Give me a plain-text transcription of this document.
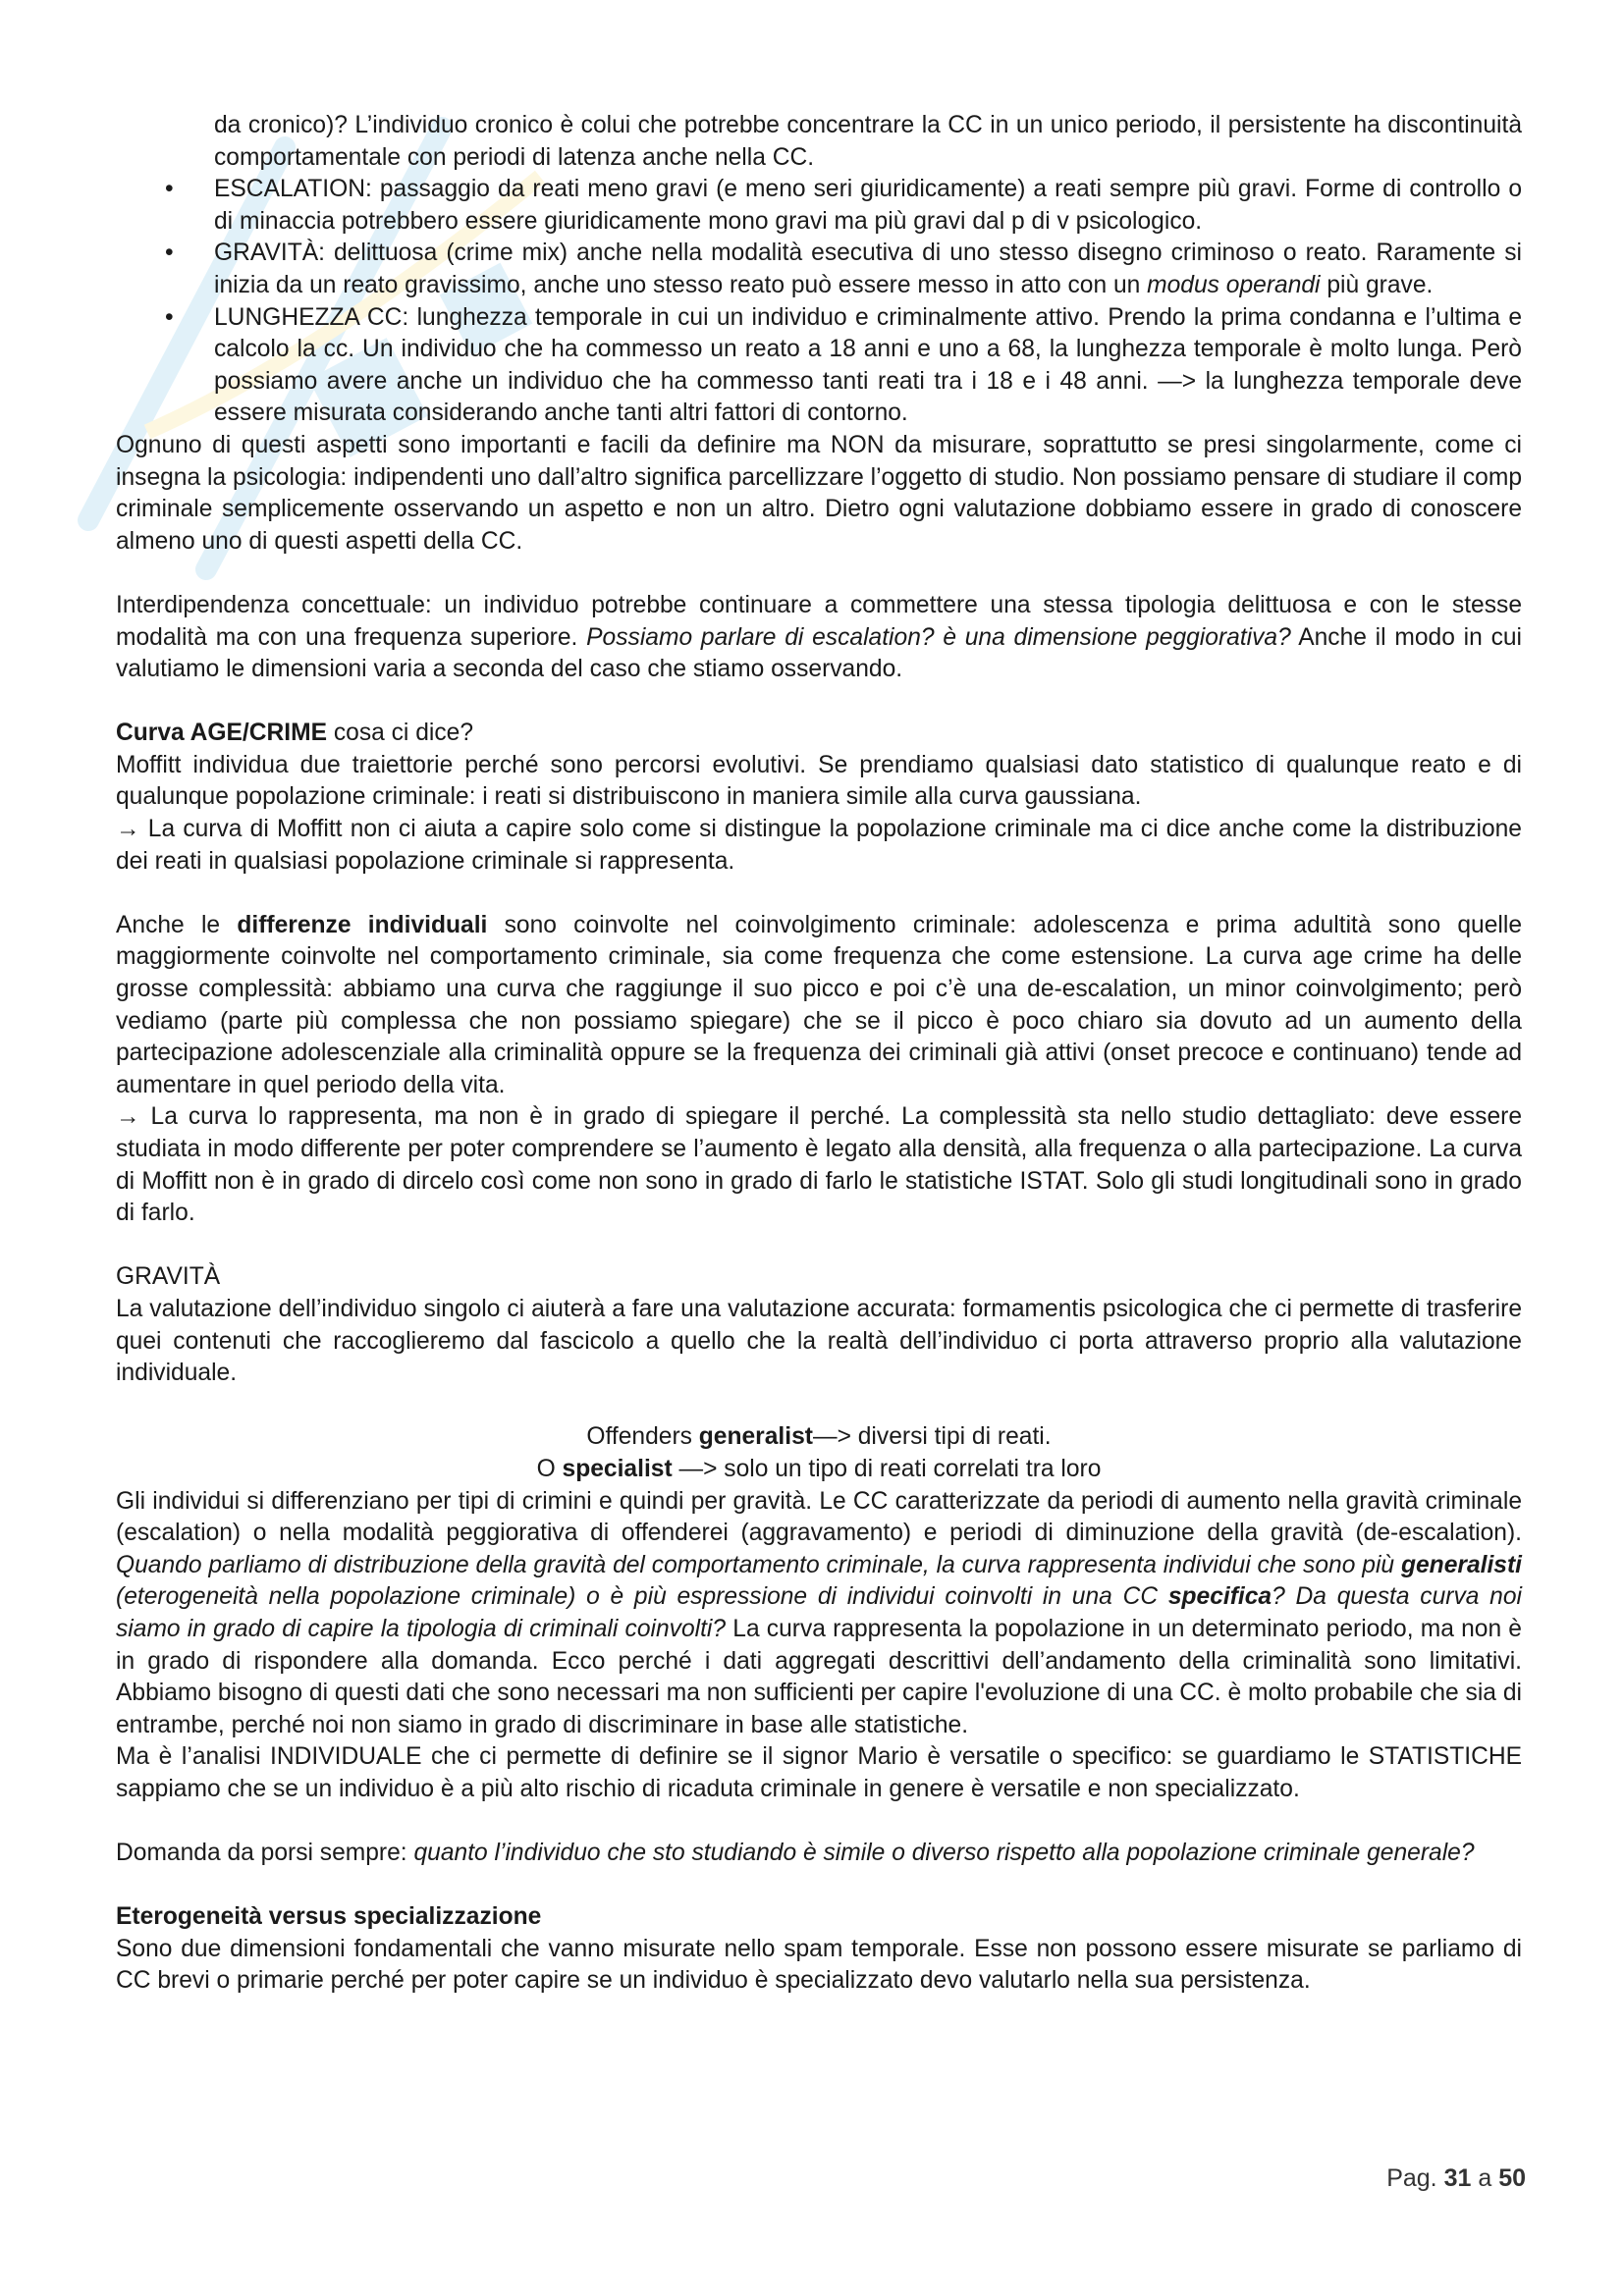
da cronico)? L’individuo cronico è colui che potrebbe concentrare la CC in un unico periodo, il persistente ha discontinuità comportamentale con periodi di latenza anche nella CC.

• ESCALATION: passaggio da reati meno gravi (e meno seri giuridicamente) a reati sempre più gravi. Forme di controllo o di minaccia potrebbero essere giuridicamente mono gravi ma più gravi dal p di v psicologico.
• GRAVITÀ: delittuosa (crime mix) anche nella modalità esecutiva di uno stesso disegno criminoso o reato. Raramente si inizia da un reato gravissimo, anche uno stesso reato può essere messo in atto con un modus operandi più grave.
• LUNGHEZZA CC: lunghezza temporale in cui un individuo e criminalmente attivo. Prendo la prima condanna e l’ultima e calcolo la cc. Un individuo che ha commesso un reato a 18 anni e uno a 68, la lunghezza temporale è molto lunga. Però possiamo avere anche un individuo che ha commesso tanti reati tra i 18 e i 48 anni. —> la lunghezza temporale deve essere misurata considerando anche tanti altri fattori di contorno.

Ognuno di questi aspetti sono importanti e facili da definire ma NON da misurare, soprattutto se presi singolarmente, come ci insegna la psicologia: indipendenti uno dall’altro significa parcellizzare l’oggetto di studio. Non possiamo pensare di studiare il comp criminale semplicemente osservando un aspetto e non un altro. Dietro ogni valutazione dobbiamo essere in grado di conoscere almeno uno di questi aspetti della CC.

Interdipendenza concettuale: un individuo potrebbe continuare a commettere una stessa tipologia delittuosa e con le stesse modalità ma con una frequenza superiore. Possiamo parlare di escalation? è una dimensione peggiorativa? Anche il modo in cui valutiamo le dimensioni varia a seconda del caso che stiamo osservando.

Curva AGE/CRIME cosa ci dice?

Moffitt individua due traiettorie perché sono percorsi evolutivi. Se prendiamo qualsiasi dato statistico di qualunque reato e di qualunque popolazione criminale: i reati si distribuiscono in maniera simile alla curva gaussiana.

→ La curva di Moffitt non ci aiuta a capire solo come si distingue la popolazione criminale ma ci dice anche come la distribuzione dei reati in qualsiasi popolazione criminale si rappresenta.

Anche le differenze individuali sono coinvolte nel coinvolgimento criminale: adolescenza e prima adultità sono quelle maggiormente coinvolte nel comportamento criminale, sia come frequenza che come estensione. La curva age crime ha delle grosse complessità: abbiamo una curva che raggiunge il suo picco e poi c’è una de-escalation, un minor coinvolgimento; però vediamo (parte più complessa che non possiamo spiegare) che se il picco è poco chiaro sia dovuto ad un aumento della partecipazione adolescenziale alla criminalità oppure se la frequenza dei criminali già attivi (onset precoce e continuano) tende ad aumentare in quel periodo della vita.

→ La curva lo rappresenta, ma non è in grado di spiegare il perché. La complessità sta nello studio dettagliato: deve essere studiata in modo differente per poter comprendere se l’aumento è legato alla densità, alla frequenza o alla partecipazione. La curva di Moffitt non è in grado di dircelo così come non sono in grado di farlo le statistiche ISTAT. Solo gli studi longitudinali sono in grado di farlo.

GRAVITÀ

La valutazione dell’individuo singolo ci aiuterà a fare una valutazione accurata: formamentis psicologica che ci permette di trasferire quei contenuti che raccoglieremo dal fascicolo a quello che la realtà dell’individuo ci porta attraverso proprio alla valutazione individuale.

Offenders generalist—> diversi tipi di reati.

O specialist —> solo un tipo di reati correlati tra loro

Gli individui si differenziano per tipi di crimini e quindi per gravità. Le CC caratterizzate da periodi di aumento nella gravità criminale (escalation) o nella modalità peggiorativa di offenderei (aggravamento) e periodi di diminuzione della gravità (de-escalation). Quando parliamo di distribuzione della gravità del comportamento criminale, la curva rappresenta individui che sono più generalisti (eterogeneità nella popolazione criminale) o è più espressione di individui coinvolti in una CC specifica? Da questa curva noi siamo in grado di capire la tipologia di criminali coinvolti? La curva rappresenta la popolazione in un determinato periodo, ma non è in grado di rispondere alla domanda. Ecco perché i dati aggregati descrittivi dell’andamento della criminalità sono limitativi. Abbiamo bisogno di questi dati che sono necessari ma non sufficienti per capire l'evoluzione di una CC. è molto probabile che sia di entrambe, perché noi non siamo in grado di discriminare in base alle statistiche.

Ma è l’analisi INDIVIDUALE che ci permette di definire se il signor Mario è versatile o specifico: se guardiamo le STATISTICHE sappiamo che se un individuo è a più alto rischio di ricaduta criminale in genere è versatile e non specializzato.

Domanda da porsi sempre: quanto l’individuo che sto studiando è simile o diverso rispetto alla popolazione criminale generale?

Eterogeneità versus specializzazione

Sono due dimensioni fondamentali che vanno misurate nello spam temporale. Esse non possono essere misurate se parliamo di CC brevi o primarie perché per poter capire se un individuo è specializzato devo valutarlo nella sua persistenza.

Pag. 31 a 50
